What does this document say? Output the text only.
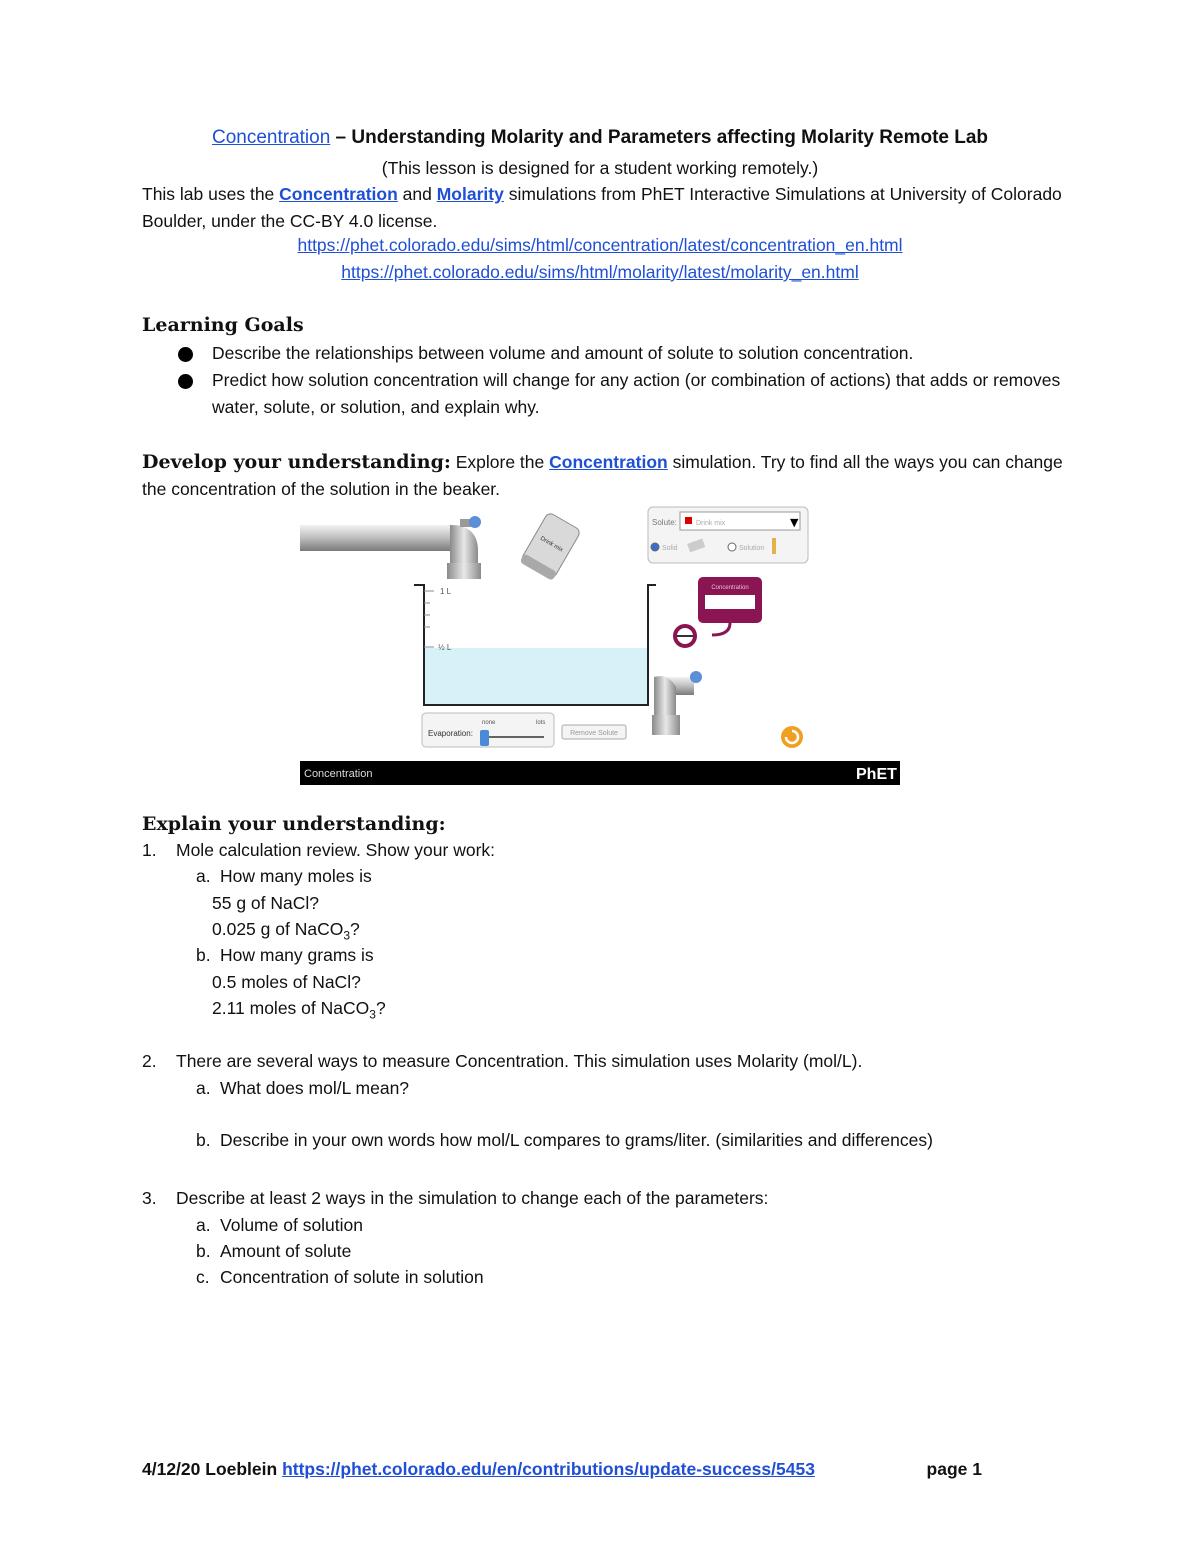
Concentration – Understanding Molarity and Parameters affecting Molarity Remote Lab
(This lesson is designed for a student working remotely.)
This lab uses the Concentration and Molarity simulations from PhET Interactive Simulations at University of Colorado Boulder, under the CC-BY 4.0 license.
https://phet.colorado.edu/sims/html/concentration/latest/concentration_en.html
https://phet.colorado.edu/sims/html/molarity/latest/molarity_en.html
Learning Goals
Describe the relationships between volume and amount of solute to solution concentration.
Predict how solution concentration will change for any action (or combination of actions) that adds or removes water, solute, or solution, and explain why.
Develop your understanding: Explore the Concentration simulation. Try to find all the ways you can change the concentration of the solution in the beaker.
Drink mix
Solute:	Drink mix	▼
Solid	Solution
1 L
½ L
Concentration
Evaporation:
none	lots
Remove Solute
Concentration	PhET
Explain your understanding:
1. Mole calculation review. Show your work:
a. How many moles is
55 g of NaCl?
0.025 g of NaCO$_3$?
b. How many grams is
0.5 moles of NaCl?
2.11 moles of NaCO$_3$?
2. There are several ways to measure Concentration. This simulation uses Molarity (mol/L).
a. What does mol/L mean?
b. Describe in your own words how mol/L compares to grams/liter. (similarities and differences)
3. Describe at least 2 ways in the simulation to change each of the parameters:
a. Volume of solution
b. Amount of solute
c. Concentration of solute in solution
4/12/20 Loeblein https://phet.colorado.edu/en/contributions/update-success/5453	page 1
